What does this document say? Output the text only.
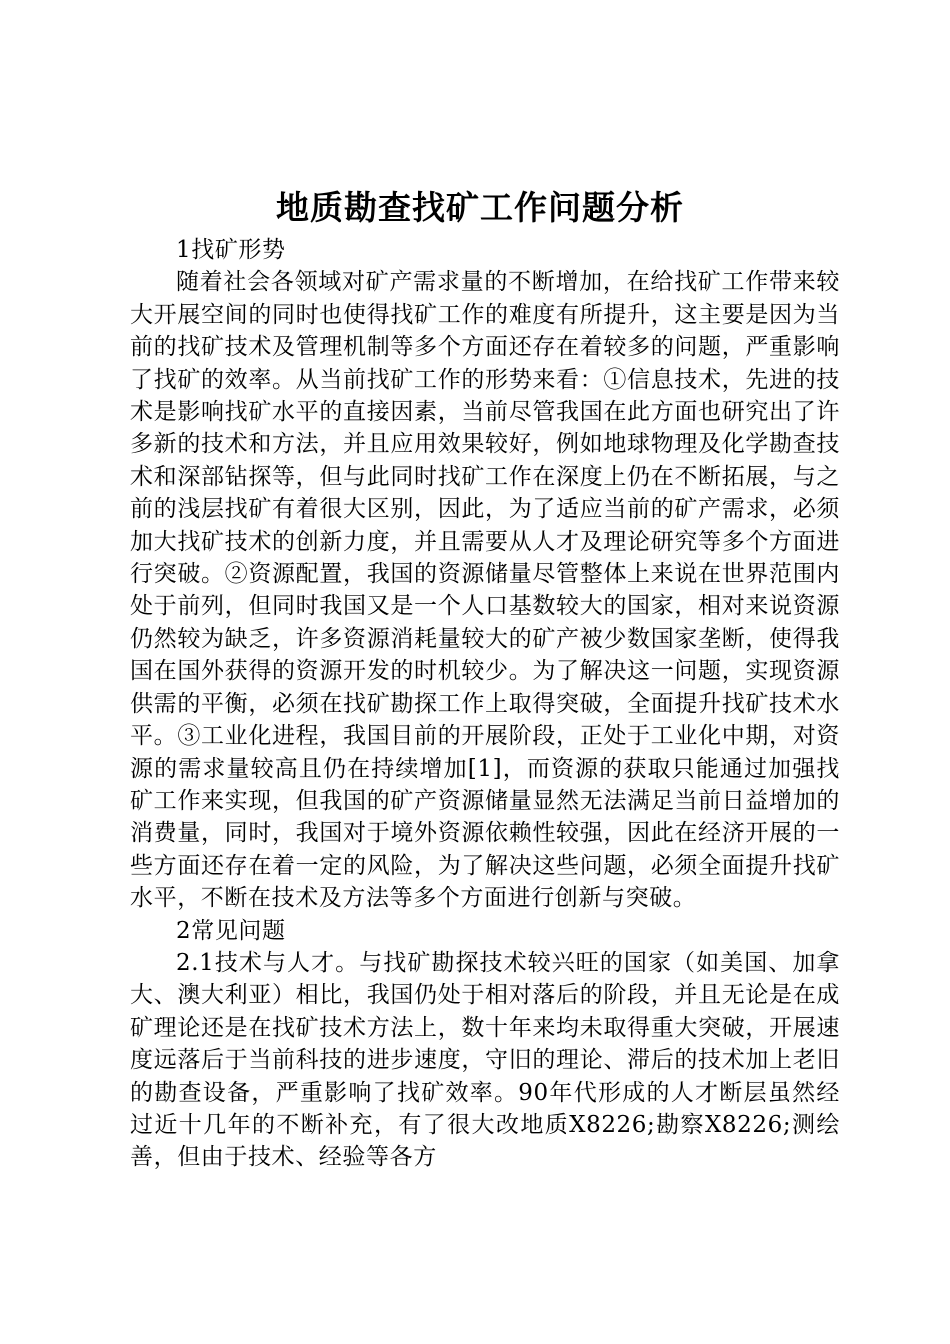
地质勘查找矿工作问题分析

1找矿形势

随着社会各领域对矿产需求量的不断增加，在给找矿工作带来较大开展空间的同时也使得找矿工作的难度有所提升，这主要是因为当前的找矿技术及管理机制等多个方面还存在着较多的问题，严重影响了找矿的效率。从当前找矿工作的形势来看：①信息技术，先进的技术是影响找矿水平的直接因素，当前尽管我国在此方面也研究出了许多新的技术和方法，并且应用效果较好，例如地球物理及化学勘查技术和深部钻探等，但与此同时找矿工作在深度上仍在不断拓展，与之前的浅层找矿有着很大区别，因此，为了适应当前的矿产需求，必须加大找矿技术的创新力度，并且需要从人才及理论研究等多个方面进行突破。②资源配置，我国的资源储量尽管整体上来说在世界范围内处于前列，但同时我国又是一个人口基数较大的国家，相对来说资源仍然较为缺乏，许多资源消耗量较大的矿产被少数国家垄断，使得我国在国外获得的资源开发的时机较少。为了解决这一问题，实现资源供需的平衡，必须在找矿勘探工作上取得突破，全面提升找矿技术水平。③工业化进程，我国目前的开展阶段，正处于工业化中期，对资源的需求量较高且仍在持续增加[1]，而资源的获取只能通过加强找矿工作来实现，但我国的矿产资源储量显然无法满足当前日益增加的消费量，同时，我国对于境外资源依赖性较强，因此在经济开展的一些方面还存在着一定的风险，为了解决这些问题，必须全面提升找矿水平，不断在技术及方法等多个方面进行创新与突破。

2常见问题

2.1技术与人才。与找矿勘探技术较兴旺的国家（如美国、加拿大、澳大利亚）相比，我国仍处于相对落后的阶段，并且无论是在成矿理论还是在找矿技术方法上，数十年来均未取得重大突破，开展速度远落后于当前科技的进步速度，守旧的理论、滞后的技术加上老旧的勘查设备，严重影响了找矿效率。90年代形成的人才断层虽然经过近十几年的不断补充，有了很大改地质X8226;勘察X8226;测绘善，但由于技术、经验等各方
